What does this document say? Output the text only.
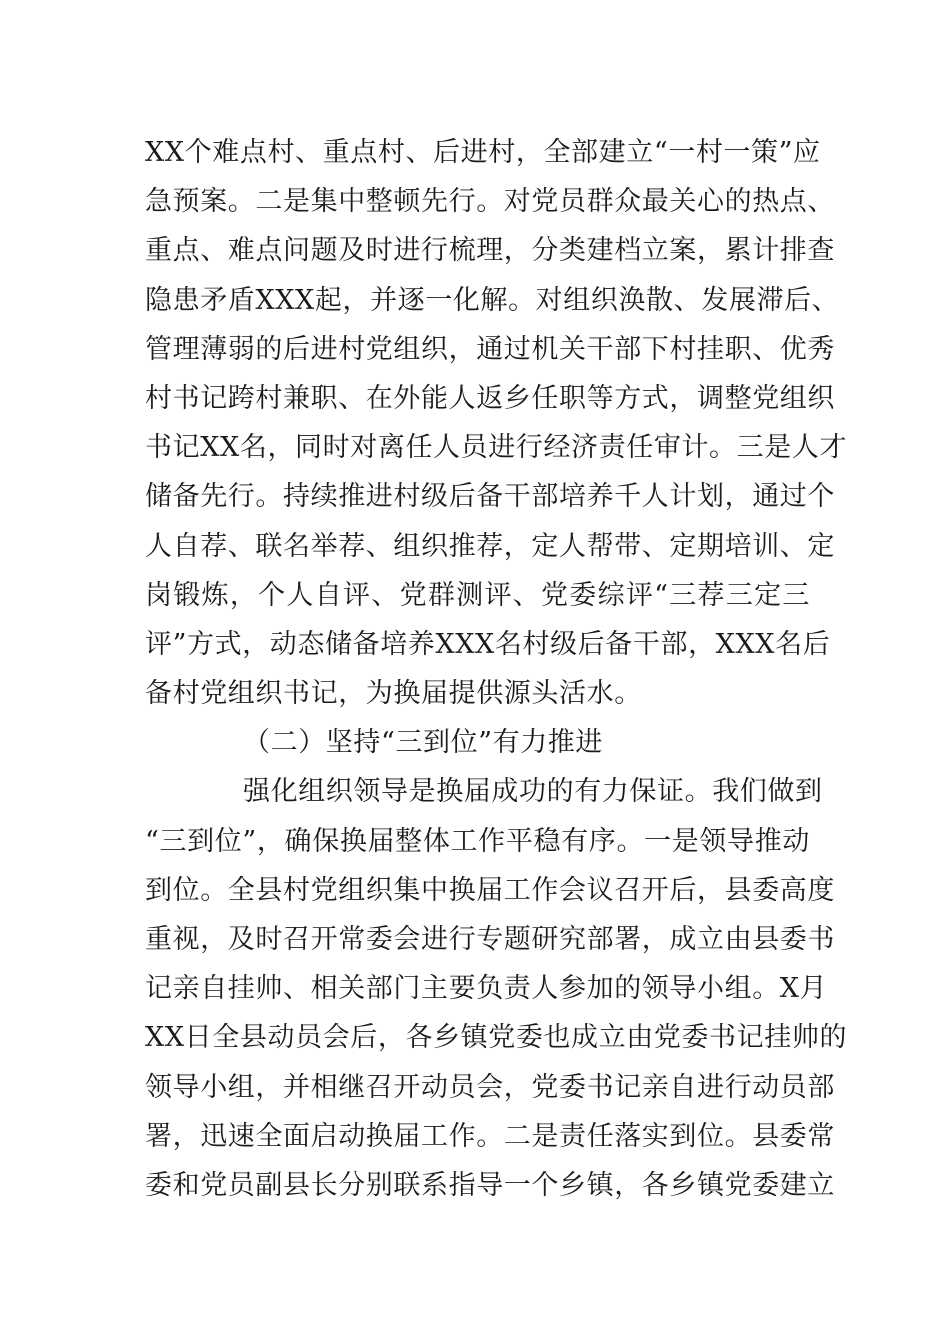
XX个难点村、重点村、后进村，全部建立“一村一策”应
急预案。二是集中整顿先行。对党员群众最关心的热点、
重点、难点问题及时进行梳理，分类建档立案，累计排查
隐患矛盾XXX起，并逐一化解。对组织涣散、发展滞后、
管理薄弱的后进村党组织，通过机关干部下村挂职、优秀
村书记跨村兼职、在外能人返乡任职等方式，调整党组织
书记XX名，同时对离任人员进行经济责任审计。三是人才
储备先行。持续推进村级后备干部培养千人计划，通过个
人自荐、联名举荐、组织推荐，定人帮带、定期培训、定
岗锻炼，个人自评、党群测评、党委综评“三荐三定三
评”方式，动态储备培养XXX名村级后备干部，XXX名后
备村党组织书记，为换届提供源头活水。
（二）坚持“三到位”有力推进
强化组织领导是换届成功的有力保证。我们做到
“三到位”，确保换届整体工作平稳有序。一是领导推动
到位。全县村党组织集中换届工作会议召开后，县委高度
重视，及时召开常委会进行专题研究部署，成立由县委书
记亲自挂帅、相关部门主要负责人参加的领导小组。X月
XX日全县动员会后，各乡镇党委也成立由党委书记挂帅的
领导小组，并相继召开动员会，党委书记亲自进行动员部
署，迅速全面启动换届工作。二是责任落实到位。县委常
委和党员副县长分别联系指导一个乡镇，各乡镇党委建立
